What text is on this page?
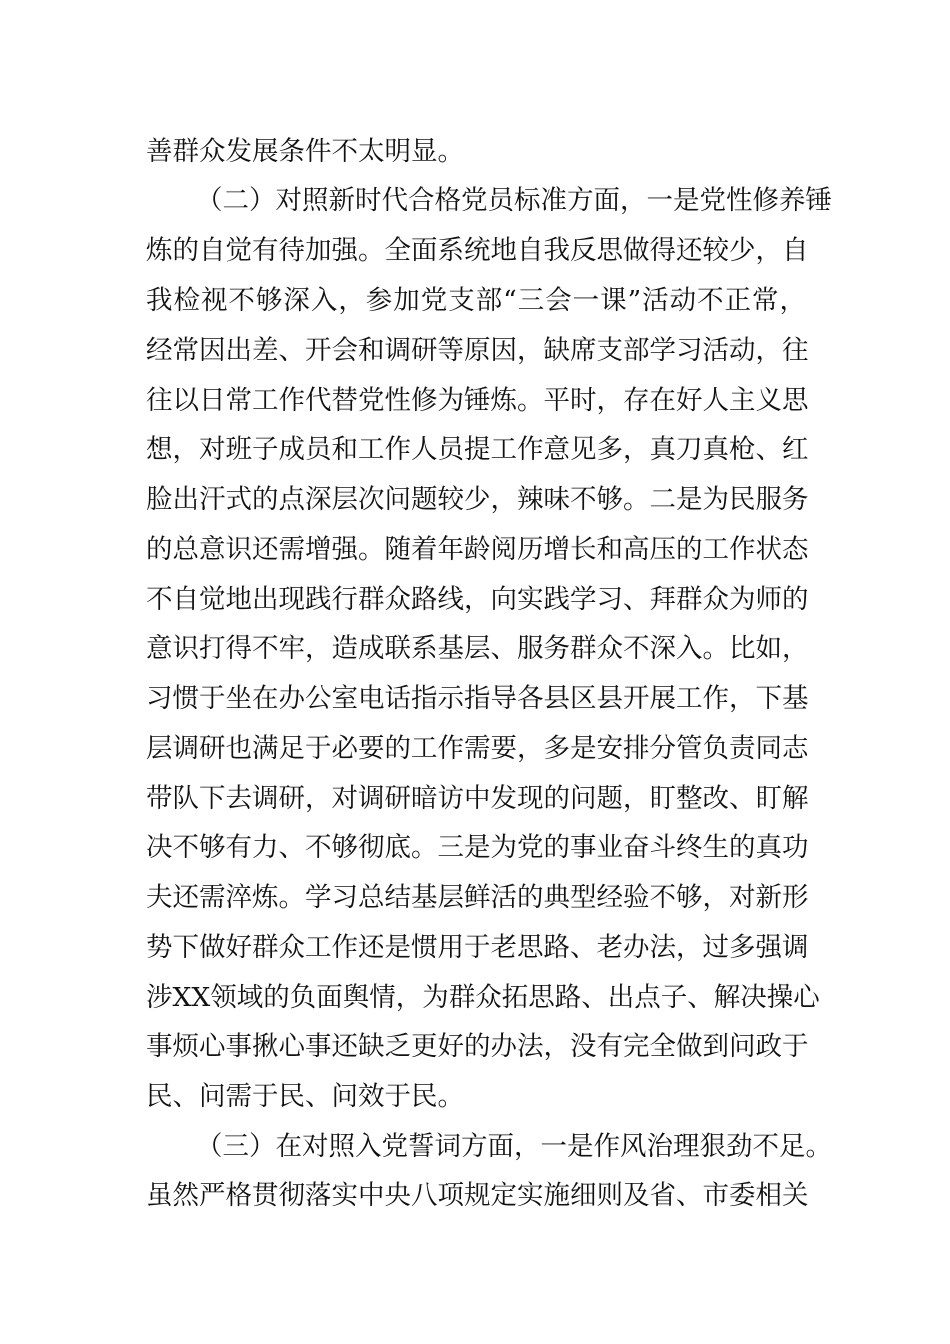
善群众发展条件不太明显。
（二）对照新时代合格党员标准方面，一是党性修养锤
炼的自觉有待加强。全面系统地自我反思做得还较少，自
我检视不够深入，参加党支部“三会一课”活动不正常，
经常因出差、开会和调研等原因，缺席支部学习活动，往
往以日常工作代替党性修为锤炼。平时，存在好人主义思
想，对班子成员和工作人员提工作意见多，真刀真枪、红
脸出汗式的点深层次问题较少，辣味不够。二是为民服务
的总意识还需增强。随着年龄阅历增长和高压的工作状态
不自觉地出现践行群众路线，向实践学习、拜群众为师的
意识打得不牢，造成联系基层、服务群众不深入。比如，
习惯于坐在办公室电话指示指导各县区县开展工作，下基
层调研也满足于必要的工作需要，多是安排分管负责同志
带队下去调研，对调研暗访中发现的问题，盯整改、盯解
决不够有力、不够彻底。三是为党的事业奋斗终生的真功
夫还需淬炼。学习总结基层鲜活的典型经验不够，对新形
势下做好群众工作还是惯用于老思路、老办法，过多强调
涉XX领域的负面舆情，为群众拓思路、出点子、解决操心
事烦心事揪心事还缺乏更好的办法，没有完全做到问政于
民、问需于民、问效于民。
（三）在对照入党誓词方面，一是作风治理狠劲不足。
虽然严格贯彻落实中央八项规定实施细则及省、市委相关
